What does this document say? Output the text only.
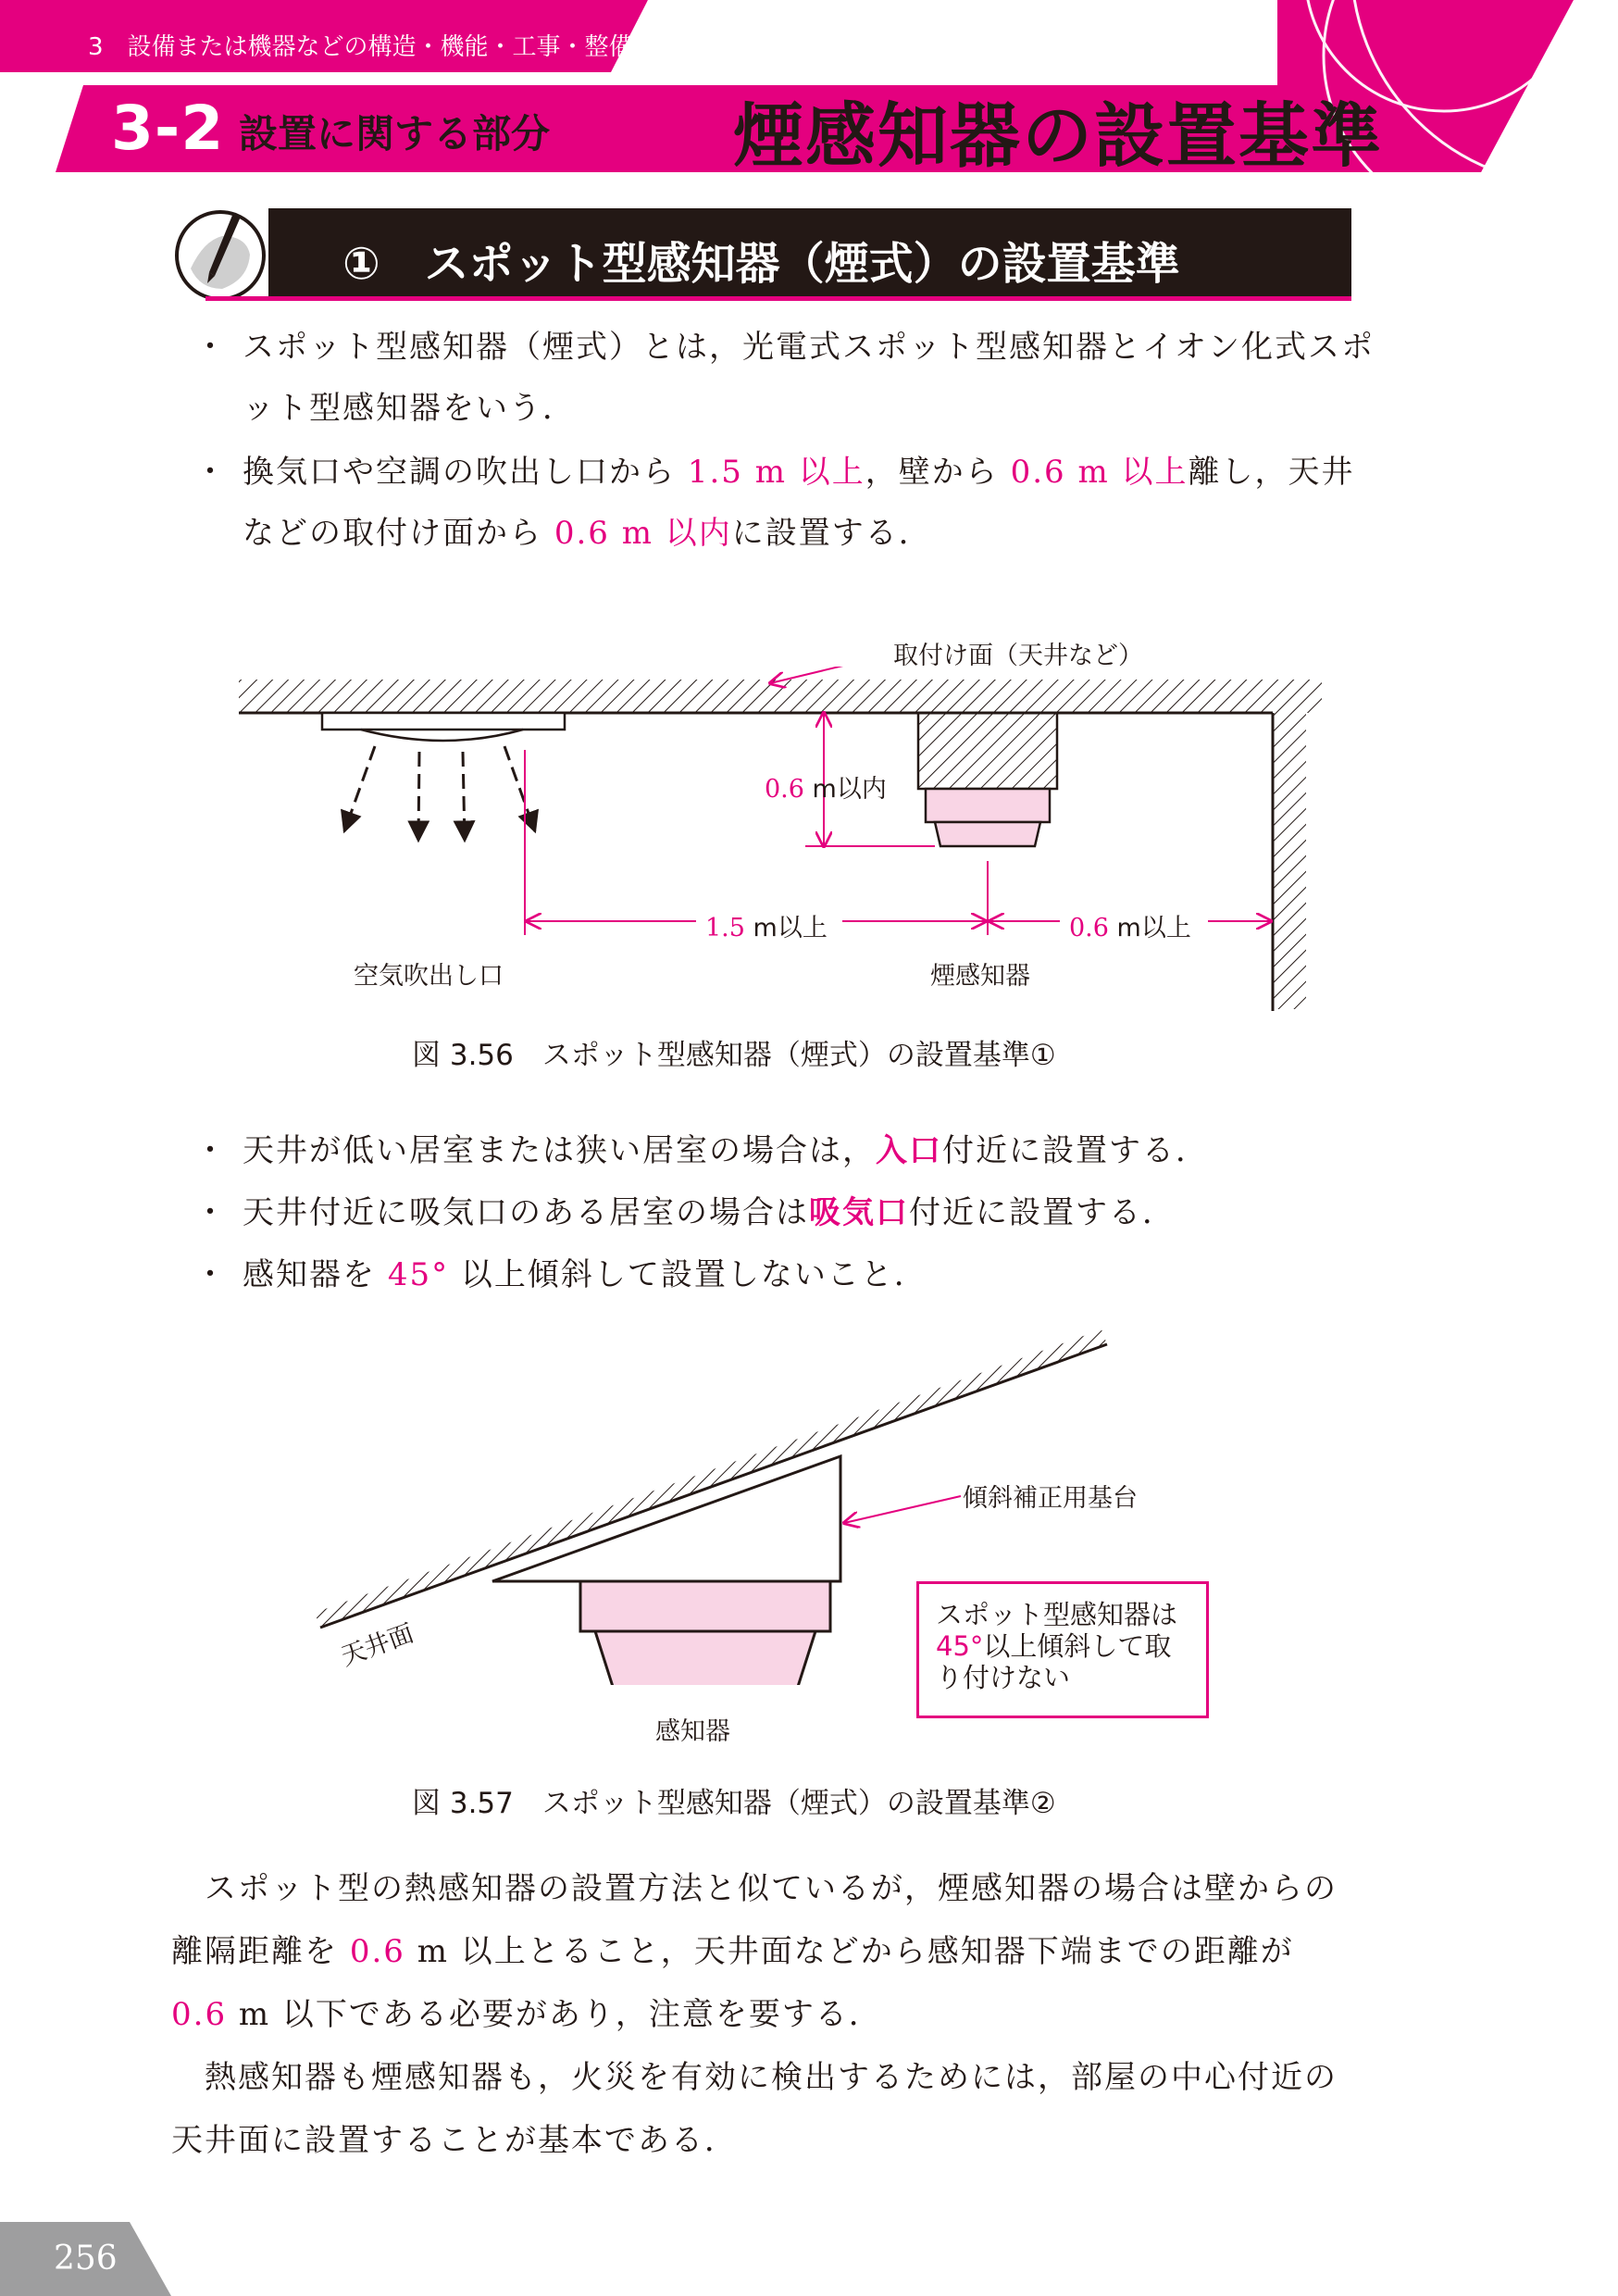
3　設備または機器などの構造・機能・工事・整備
3-2 設置に関する部分	煙感知器の設置基準
①　スポット型感知器（煙式）の設置基準
・ スポット型感知器（煙式）とは，光電式スポット型感知器とイオン化式スポット型感知器をいう．
・ 換気口や空調の吹出し口から 1.5 m 以上，壁から 0.6 m 以上離し，天井などの取付け面から 0.6 m 以内に設置する．
取付け面（天井など）
0.6 m以内
1.5 m以上	0.6 m以上
空気吹出し口	煙感知器
図 3.56　スポット型感知器（煙式）の設置基準①
・ 天井が低い居室または狭い居室の場合は，入口付近に設置する．
・ 天井付近に吸気口のある居室の場合は吸気口付近に設置する．
・ 感知器を 45° 以上傾斜して設置しないこと．
天井面
傾斜補正用基台
感知器
スポット型感知器は45°以上傾斜して取り付けない
図 3.57　スポット型感知器（煙式）の設置基準②
　スポット型の熱感知器の設置方法と似ているが，煙感知器の場合は壁からの離隔距離を 0.6 m 以上とること，天井面などから感知器下端までの距離が 0.6 m 以下である必要があり，注意を要する．
　熱感知器も煙感知器も，火災を有効に検出するためには，部屋の中心付近の天井面に設置することが基本である．
256
